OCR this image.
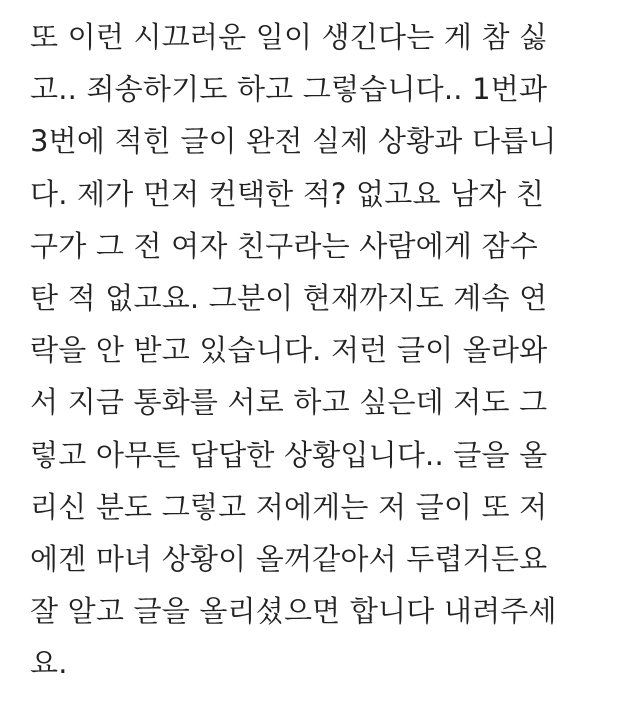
또 이런 시끄러운 일이 생긴다는 게 참 싫
고.. 죄송하기도 하고 그렇습니다.. 1번과
3번에 적힌 글이 완전 실제 상황과 다릅니
다. 제가 먼저 컨택한 적? 없고요 남자 친
구가 그 전 여자 친구라는 사람에게 잠수
탄 적 없고요. 그분이 현재까지도 계속 연
락을 안 받고 있습니다. 저런 글이 올라와
서 지금 통화를 서로 하고 싶은데 저도 그
렇고 아무튼 답답한 상황입니다.. 글을 올
리신 분도 그렇고 저에게는 저 글이 또 저
에겐 마녀 상황이 올꺼같아서 두렵거든요
잘 알고 글을 올리셨으면 합니다 내려주세
요.
